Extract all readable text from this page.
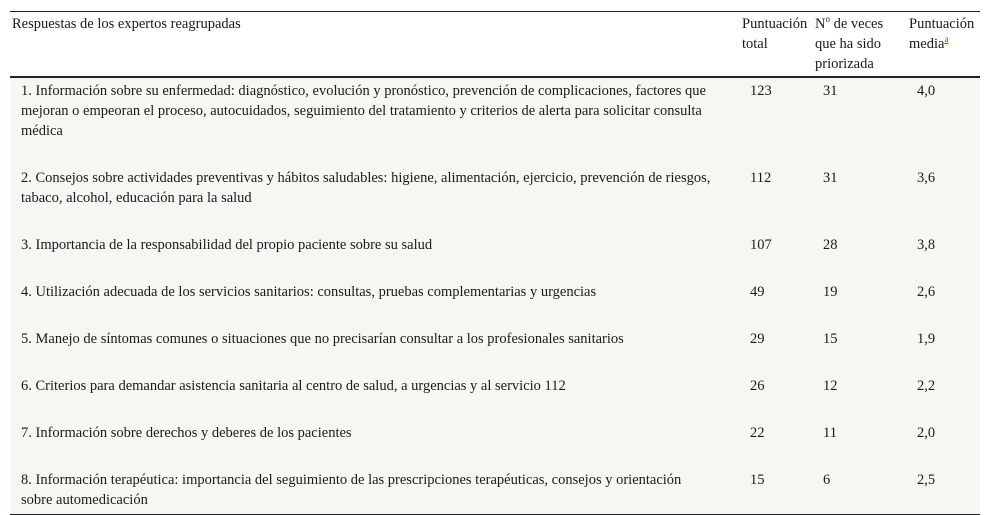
Respuestas de los expertos reagrupadas	Puntuación total	$N^o$ de veces que ha sido priorizada	Puntuación media$^a$
1. Información sobre su enfermedad: diagnóstico, evolución y pronóstico, prevención de complicaciones, factores que mejoran o empeoran el proceso, autocuidados, seguimiento del tratamiento y criterios de alerta para solicitar consulta médica	123	31	4,0
2. Consejos sobre actividades preventivas y hábitos saludables: higiene, alimentación, ejercicio, prevención de riesgos, tabaco, alcohol, educación para la salud	112	31	3,6
3. Importancia de la responsabilidad del propio paciente sobre su salud	107	28	3,8
4. Utilización adecuada de los servicios sanitarios: consultas, pruebas complementarias y urgencias	49	19	2,6
5. Manejo de síntomas comunes o situaciones que no precisarían consultar a los profesionales sanitarios	29	15	1,9
6. Criterios para demandar asistencia sanitaria al centro de salud, a urgencias y al servicio 112	26	12	2,2
7. Información sobre derechos y deberes de los pacientes	22	11	2,0
8. Información terapéutica: importancia del seguimiento de las prescripciones terapéuticas, consejos y orientación sobre automedicación	15	6	2,5
